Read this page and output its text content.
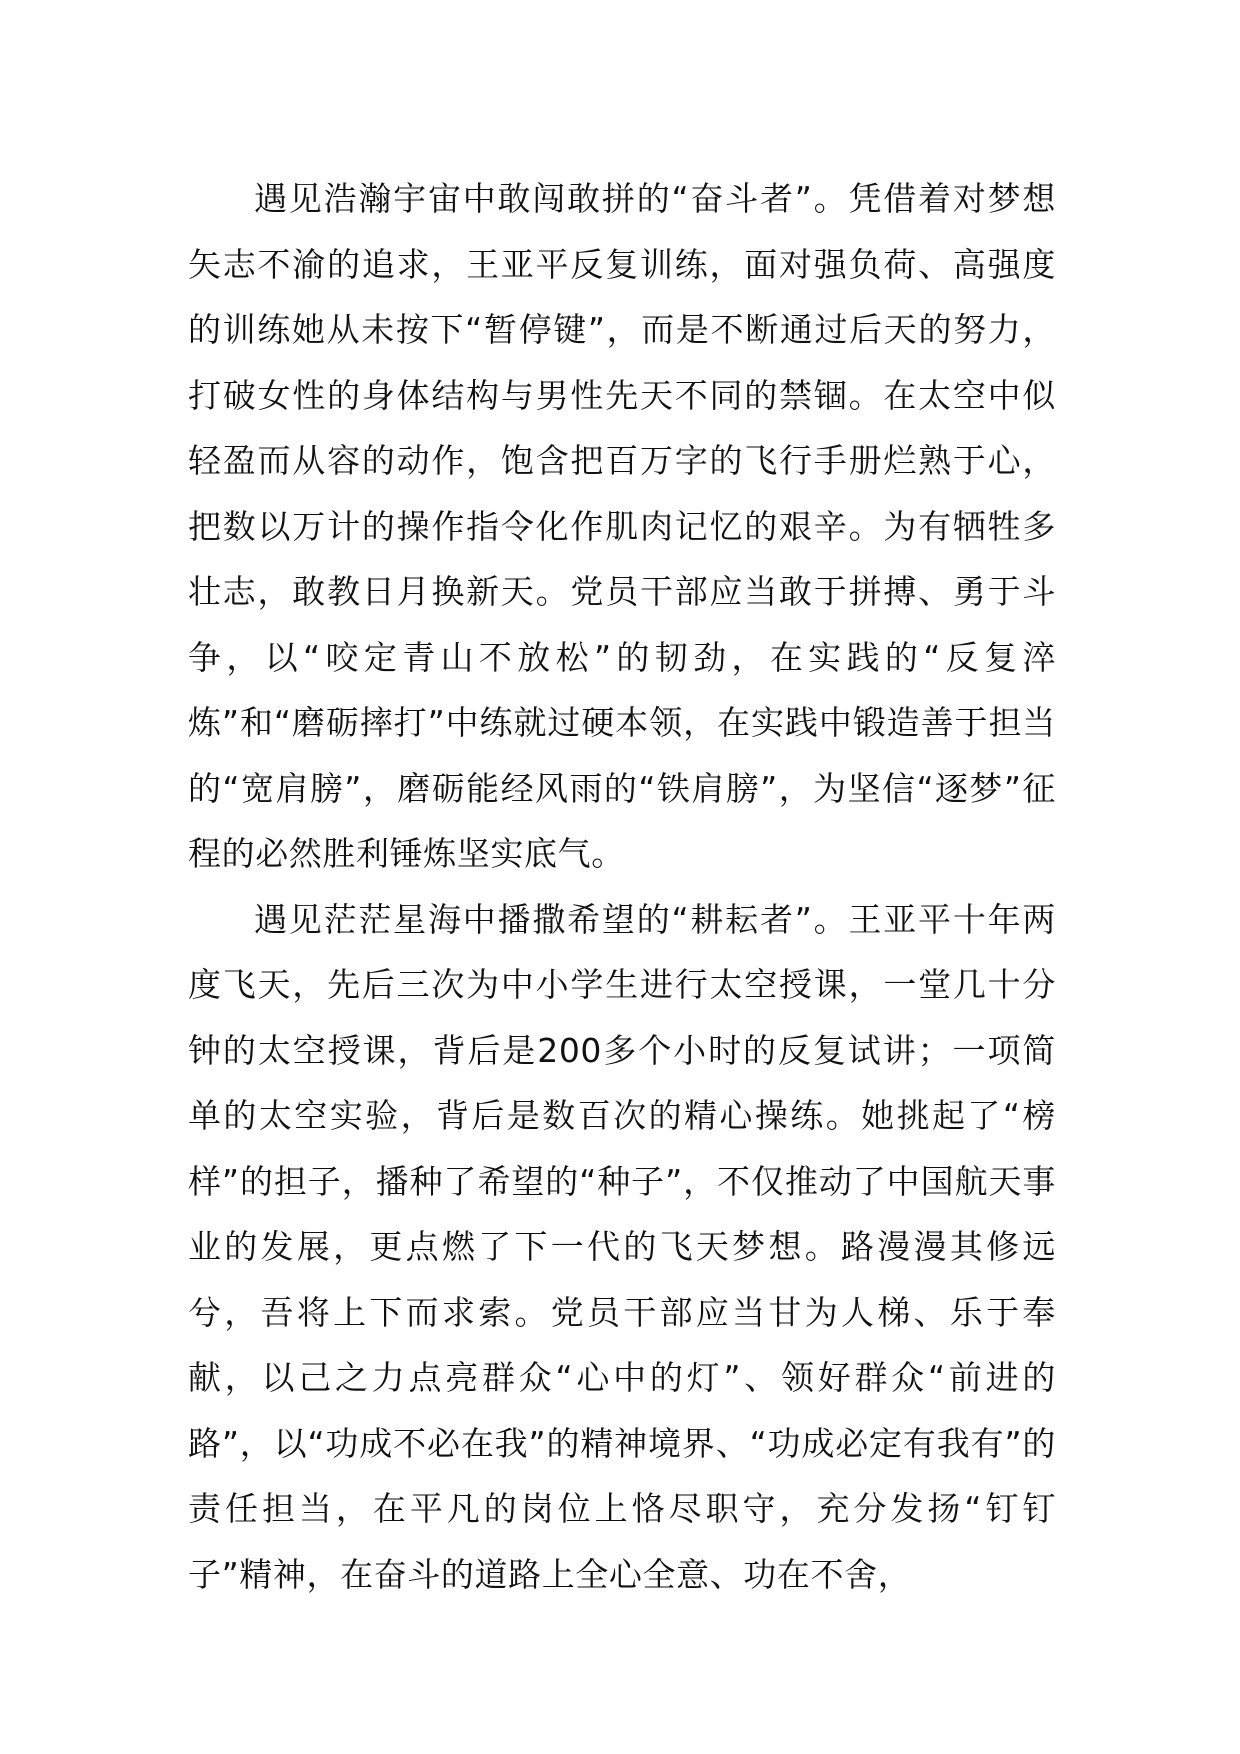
遇见浩瀚宇宙中敢闯敢拼的“奋斗者”。凭借着对梦想矢志不渝的追求，王亚平反复训练，面对强负荷、高强度的训练她从未按下“暂停键”，而是不断通过后天的努力，打破女性的身体结构与男性先天不同的禁锢。在太空中似轻盈而从容的动作，饱含把百万字的飞行手册烂熟于心，把数以万计的操作指令化作肌肉记忆的艰辛。为有牺牲多壮志，敢教日月换新天。党员干部应当敢于拼搏、勇于斗争，以“咬定青山不放松”的韧劲，在实践的“反复淬炼”和“磨砺摔打”中练就过硬本领，在实践中锻造善于担当的“宽肩膀”，磨砺能经风雨的“铁肩膀”，为坚信“逐梦”征程的必然胜利锤炼坚实底气。

遇见茫茫星海中播撒希望的“耕耘者”。王亚平十年两度飞天，先后三次为中小学生进行太空授课，一堂几十分钟的太空授课，背后是200多个小时的反复试讲；一项简单的太空实验，背后是数百次的精心操练。她挑起了“榜样”的担子，播种了希望的“种子”，不仅推动了中国航天事业的发展，更点燃了下一代的飞天梦想。路漫漫其修远兮，吾将上下而求索。党员干部应当甘为人梯、乐于奉献，以己之力点亮群众“心中的灯”、领好群众“前进的路”，以“功成不必在我”的精神境界、“功成必定有我有”的责任担当，在平凡的岗位上恪尽职守，充分发扬“钉钉子”精神，在奋斗的道路上全心全意、功在不舍，
